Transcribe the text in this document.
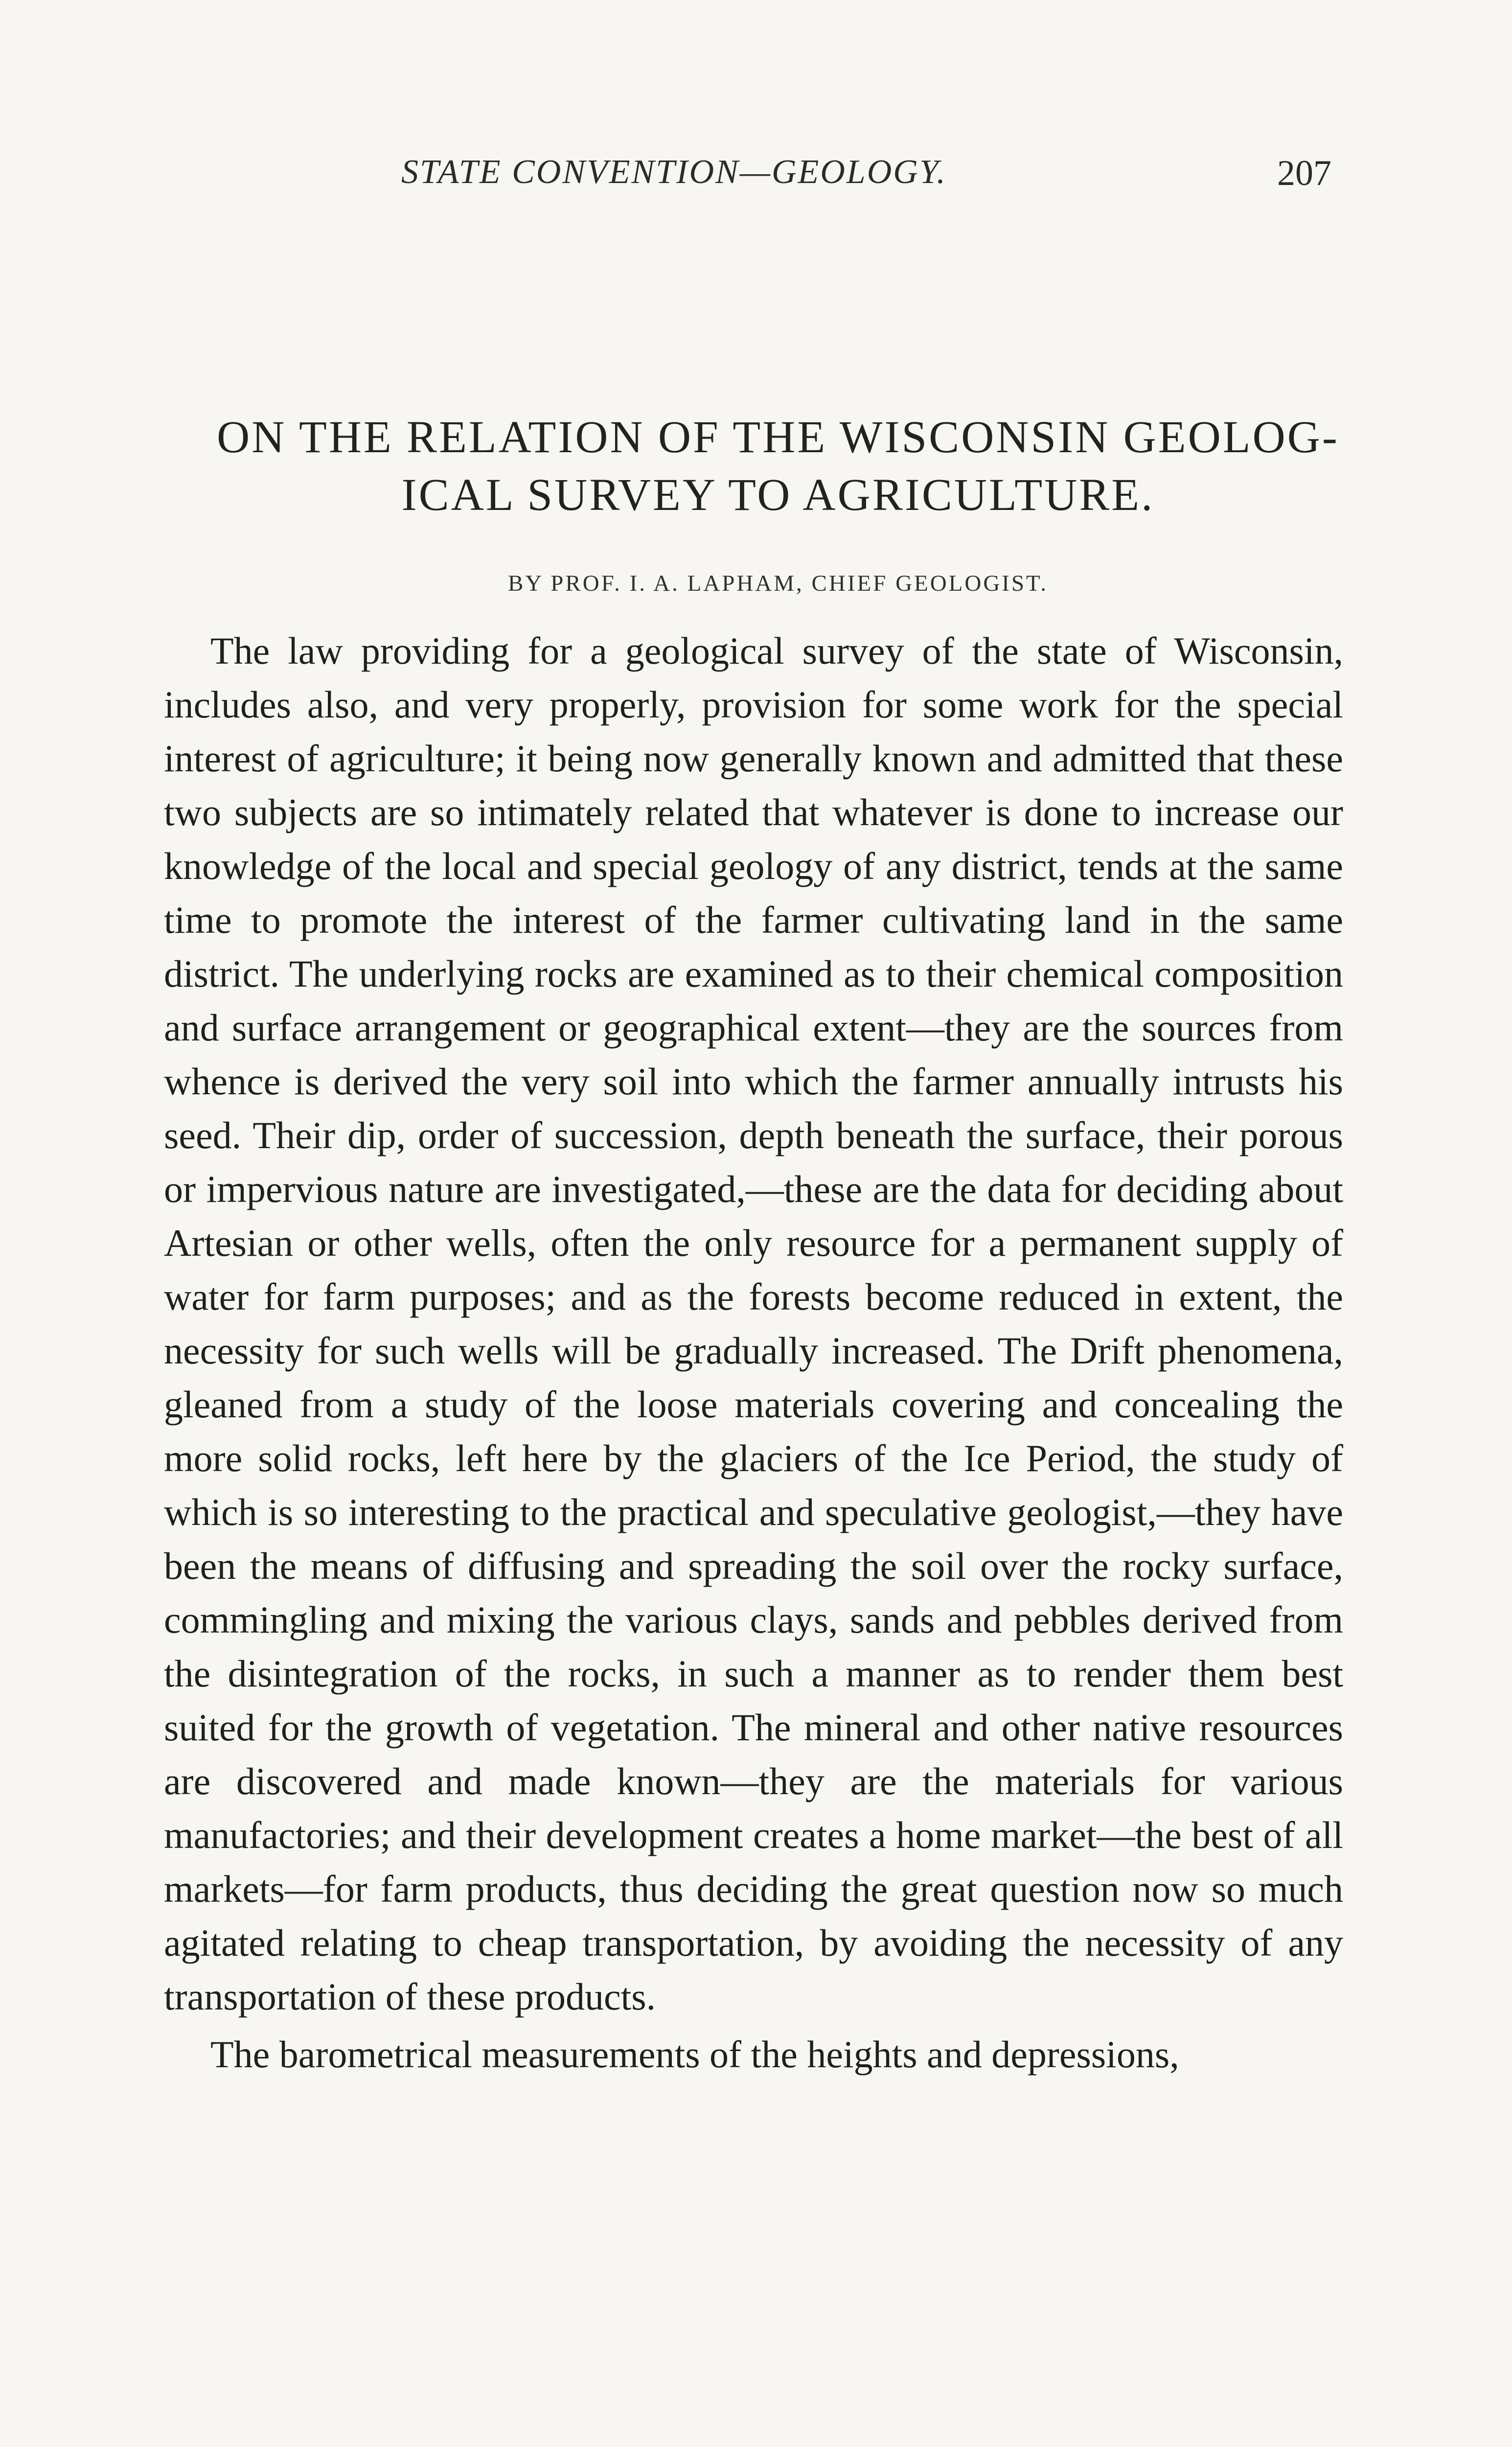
STATE CONVENTION—GEOLOGY.	207
ON THE RELATION OF THE WISCONSIN GEOLOG-
ICAL SURVEY TO AGRICULTURE.
BY PROF. I. A. LAPHAM, CHIEF GEOLOGIST.

The law providing for a geological survey of the state of Wisconsin, includes also, and very properly, provision for some work for the special interest of agriculture; it being now generally known and admitted that these two subjects are so intimately related that whatever is done to increase our knowledge of the local and special geology of any district, tends at the same time to promote the interest of the farmer cultivating land in the same district. The underlying rocks are examined as to their chemical composition and surface arrangement or geographical extent—they are the sources from whence is derived the very soil into which the farmer annually intrusts his seed. Their dip, order of succession, depth beneath the surface, their porous or impervious nature are investigated,—these are the data for deciding about Artesian or other wells, often the only resource for a permanent supply of water for farm purposes; and as the forests become reduced in extent, the necessity for such wells will be gradually increased. The Drift phenomena, gleaned from a study of the loose materials covering and concealing the more solid rocks, left here by the glaciers of the Ice Period, the study of which is so interesting to the practical and speculative geologist,—they have been the means of diffusing and spreading the soil over the rocky surface, commingling and mixing the various clays, sands and pebbles derived from the disintegration of the rocks, in such a manner as to render them best suited for the growth of vegetation. The mineral and other native resources are discovered and made known—they are the materials for various manufactories; and their development creates a home market—the best of all markets—for farm products, thus deciding the great question now so much agitated relating to cheap transportation, by avoiding the necessity of any transportation of these products.

The barometrical measurements of the heights and depressions,
